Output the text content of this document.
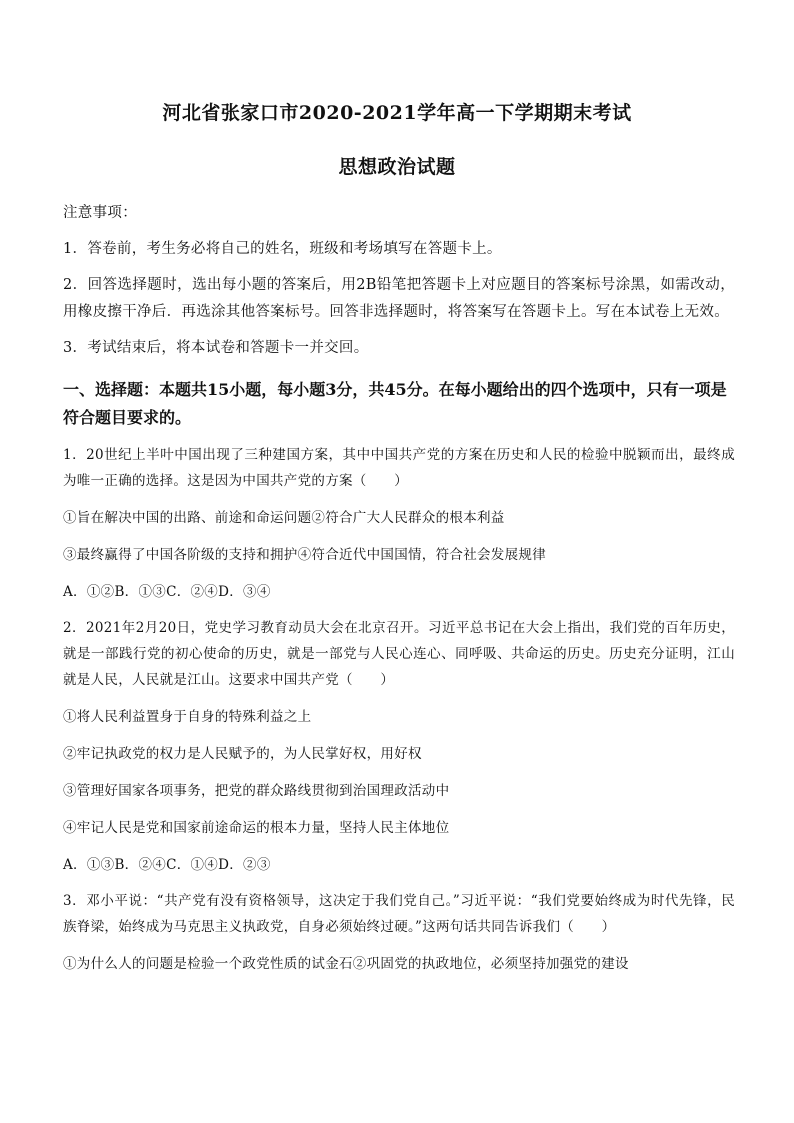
河北省张家口市2020-2021学年高一下学期期末考试
思想政治试题

注意事项：

1．答卷前，考生务必将自己的姓名，班级和考场填写在答题卡上。

2．回答选择题时，选出每小题的答案后，用2B铅笔把答题卡上对应题目的答案标号涂黑，如需改动，用橡皮擦干净后．再选涂其他答案标号。回答非选择题时，将答案写在答题卡上。写在本试卷上无效。

3．考试结束后，将本试卷和答题卡一并交回。

一、选择题：本题共15小题，每小题3分，共45分。在每小题给出的四个选项中，只有一项是符合题目要求的。

1．20世纪上半叶中国出现了三种建国方案，其中中国共产党的方案在历史和人民的检验中脱颖而出，最终成为唯一正确的选择。这是因为中国共产党的方案（　　）

①旨在解决中国的出路、前途和命运问题②符合广大人民群众的根本利益

③最终赢得了中国各阶级的支持和拥护④符合近代中国国情，符合社会发展规律

A．①②B．①③C．②④D．③④

2．2021年2月20日，党史学习教育动员大会在北京召开。习近平总书记在大会上指出，我们党的百年历史，就是一部践行党的初心使命的历史，就是一部党与人民心连心、同呼吸、共命运的历史。历史充分证明，江山就是人民，人民就是江山。这要求中国共产党（　　）

①将人民利益置身于自身的特殊利益之上

②牢记执政党的权力是人民赋予的，为人民掌好权，用好权

③管理好国家各项事务，把党的群众路线贯彻到治国理政活动中

④牢记人民是党和国家前途命运的根本力量，坚持人民主体地位

A．①③B．②④C．①④D．②③

3．邓小平说：“共产党有没有资格领导，这决定于我们党自己。”习近平说：“我们党要始终成为时代先锋，民族脊梁，始终成为马克思主义执政党，自身必须始终过硬。”这两句话共同告诉我们（　　）

①为什么人的问题是检验一个政党性质的试金石②巩固党的执政地位，必须坚持加强党的建设
